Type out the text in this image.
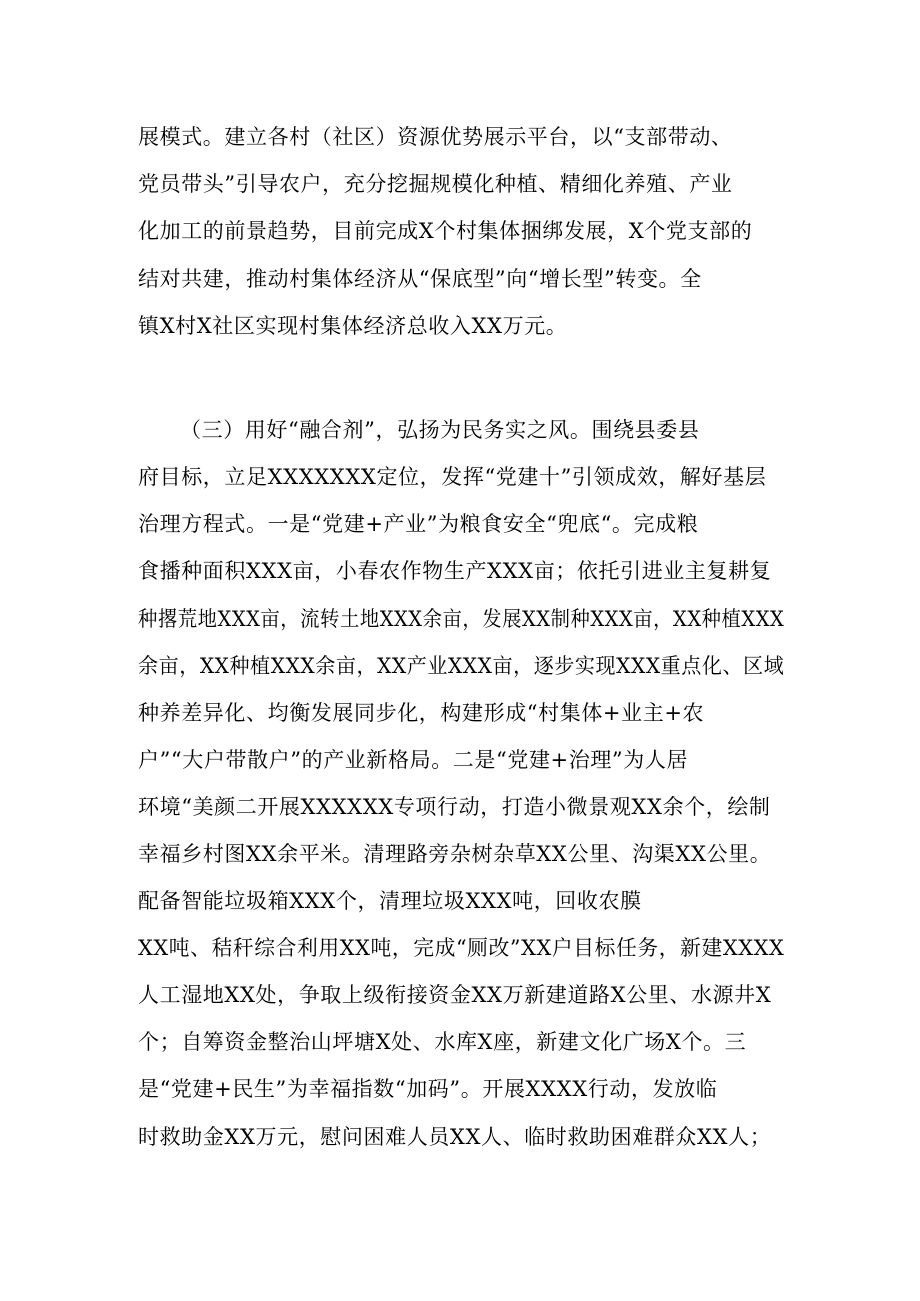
展模式。建立各村（社区）资源优势展示平台，以“支部带动、
党员带头”引导农户，充分挖掘规模化种植、精细化养殖、产业
化加工的前景趋势，目前完成X个村集体捆绑发展，X个党支部的
结对共建，推动村集体经济从“保底型”向“增长型”转变。全
镇X村X社区实现村集体经济总收入XX万元。
（三）用好“融合剂”，弘扬为民务实之风。围绕县委县
府目标，立足XXXXXXX定位，发挥“党建十”引领成效，解好基层
治理方程式。一是“党建+产业”为粮食安全“兜底“。完成粮
食播种面积XXX亩，小春农作物生产XXX亩；依托引进业主复耕复
种撂荒地XXX亩，流转土地XXX余亩，发展XX制种XXX亩，XX种植XXX
余亩，XX种植XXX余亩，XX产业XXX亩，逐步实现XXX重点化、区域
种养差异化、均衡发展同步化，构建形成“村集体+业主+农
户”“大户带散户”的产业新格局。二是“党建+治理”为人居
环境“美颜二开展XXXXXX专项行动，打造小微景观XX余个，绘制
幸福乡村图XX余平米。清理路旁杂树杂草XX公里、沟渠XX公里。
配备智能垃圾箱XXX个，清理垃圾XXX吨，回收农膜
XX吨、秸秆综合利用XX吨，完成“厕改”XX户目标任务，新建XXXX
人工湿地XX处，争取上级衔接资金XX万新建道路X公里、水源井X
个；自筹资金整治山坪塘X处、水库X座，新建文化广场X个。三
是“党建+民生”为幸福指数“加码”。开展XXXX行动，发放临
时救助金XX万元，慰问困难人员XX人、临时救助困难群众XX人；
